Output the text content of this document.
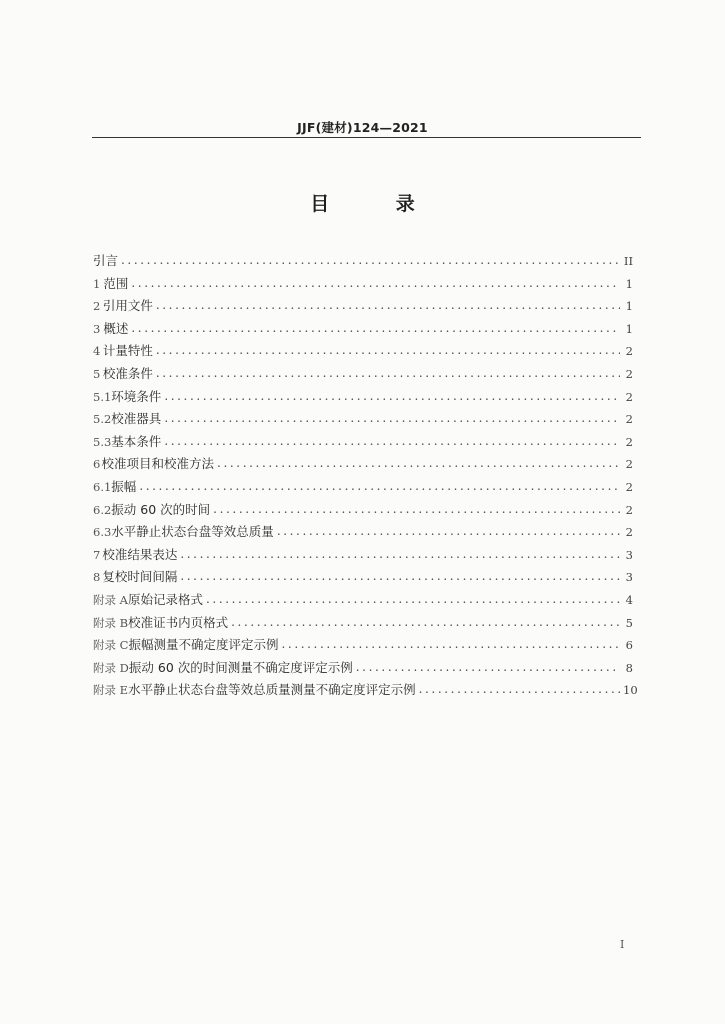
JJF(建材)124—2021
目 录
引言 .....	II
1 范围 .....	1
2 引用文件 .....	1
3 概述 .....	1
4 计量特性 .....	2
5 校准条件 .....	2
5.1 环境条件 .....	2
5.2 校准器具 .....	2
5.3 基本条件 .....	2
6 校准项目和校准方法 .....	2
6.1 振幅 .....	2
6.2 振动 60 次的时间 .....	2
6.3 水平静止状态台盘等效总质量 .....	2
7 校准结果表达 .....	3
8 复校时间间隔 .....	3
附录 A 原始记录格式 .....	4
附录 B 校准证书内页格式 .....	5
附录 C 振幅测量不确定度评定示例 .....	6
附录 D 振动 60 次的时间测量不确定度评定示例 .....	8
附录 E 水平静止状态台盘等效总质量测量不确定度评定示例 .....	10
I
